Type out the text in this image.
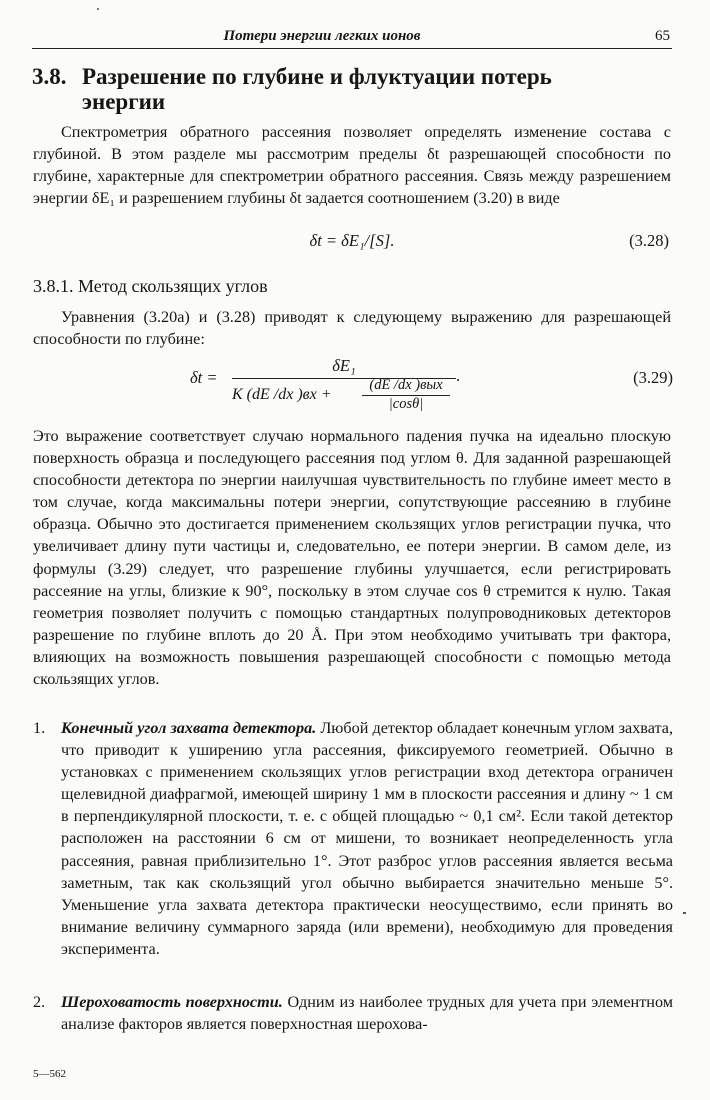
Потери энергии легких ионов	65
3.8. Разрешение по глубине и флуктуации потерь
энергии

Спектрометрия обратного рассеяния позволяет определять изменение состава с глубиной. В этом разделе мы рассмотрим пределы δt разрешающей способности по глубине, характерные для спектрометрии обратного рассеяния. Связь между разрешением энергии δE₁ и разрешением глубины δt задается соотношением (3.20) в виде

δt = δE₁/[S].	(3.28)
3.8.1. Метод скользящих углов

Уравнения (3.20а) и (3.28) приводят к следующему выражению для разрешающей способности по глубине:

δt =
δE₁
K (dE /dx )вх +
(dE /dx )вых
|cosθ|
.	(3.29)

Это выражение соответствует случаю нормального падения пучка на идеально плоскую поверхность образца и последующего рассеяния под углом θ. Для заданной разрешающей способности детектора по энергии наилучшая чувствительность по глубине имеет место в том случае, когда максимальны потери энергии, сопутствующие рассеянию в глубине образца. Обычно это достигается применением скользящих углов регистрации пучка, что увеличивает длину пути частицы и, следовательно, ее потери энергии. В самом деле, из формулы (3.29) следует, что разрешение глубины улучшается, если регистрировать рассеяние на углы, близкие к 90°, поскольку в этом случае cos θ стремится к нулю. Такая геометрия позволяет получить с помощью стандартных полупроводниковых детекторов разрешение по глубине вплоть до 20 Å. При этом необходимо учитывать три фактора, влияющих на возможность повышения разрешающей способности с помощью метода скользящих углов.

1. Конечный угол захвата детектора. Любой детектор обладает конечным углом захвата, что приводит к уширению угла рассеяния, фиксируемого геометрией. Обычно в установках с применением скользящих углов регистрации вход детектора ограничен щелевидной диафрагмой, имеющей ширину 1 мм в плоскости рассеяния и длину ~ 1 см в перпендикулярной плоскости, т. е. с общей площадью ~ 0,1 см². Если такой детектор расположен на расстоянии 6 см от мишени, то возникает неопределенность угла рассеяния, равная приблизительно 1°. Этот разброс углов рассеяния является весьма заметным, так как скользящий угол обычно выбирается значительно меньше 5°. Уменьшение угла захвата детектора практически неосуществимо, если принять во внимание величину суммарного заряда (или времени), необходимую для проведения эксперимента.
2. Шероховатость поверхности. Одним из наиболее трудных для учета при элементном анализе факторов является поверхностная шерохова-
5—562
